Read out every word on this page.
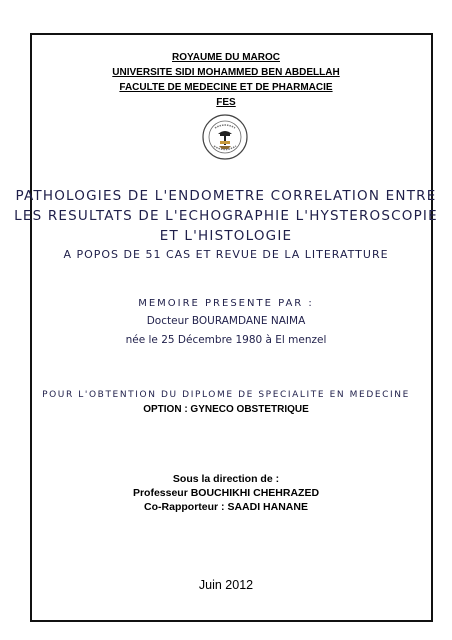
ROYAUME DU MAROC
UNIVERSITE SIDI MOHAMMED BEN ABDELLAH
FACULTE DE MEDECINE ET DE PHARMACIE
FES
PATHOLOGIES DE L'ENDOMETRE CORRELATION ENTRE
LES RESULTATS DE L'ECHOGRAPHIE L'HYSTEROSCOPIE
ET L'HISTOLOGIE
A POPOS DE 51 CAS ET REVUE DE LA LITERATTURE
MEMOIRE PRESENTE PAR :
Docteur BOURAMDANE NAIMA
née le 25 Décembre 1980 à El menzel
POUR L'OBTENTION DU DIPLOME DE SPECIALITE EN MEDECINE
OPTION : GYNECO OBSTETRIQUE
Sous la direction de :
Professeur BOUCHIKHI CHEHRAZED
Co-Rapporteur : SAADI HANANE
Juin 2012
